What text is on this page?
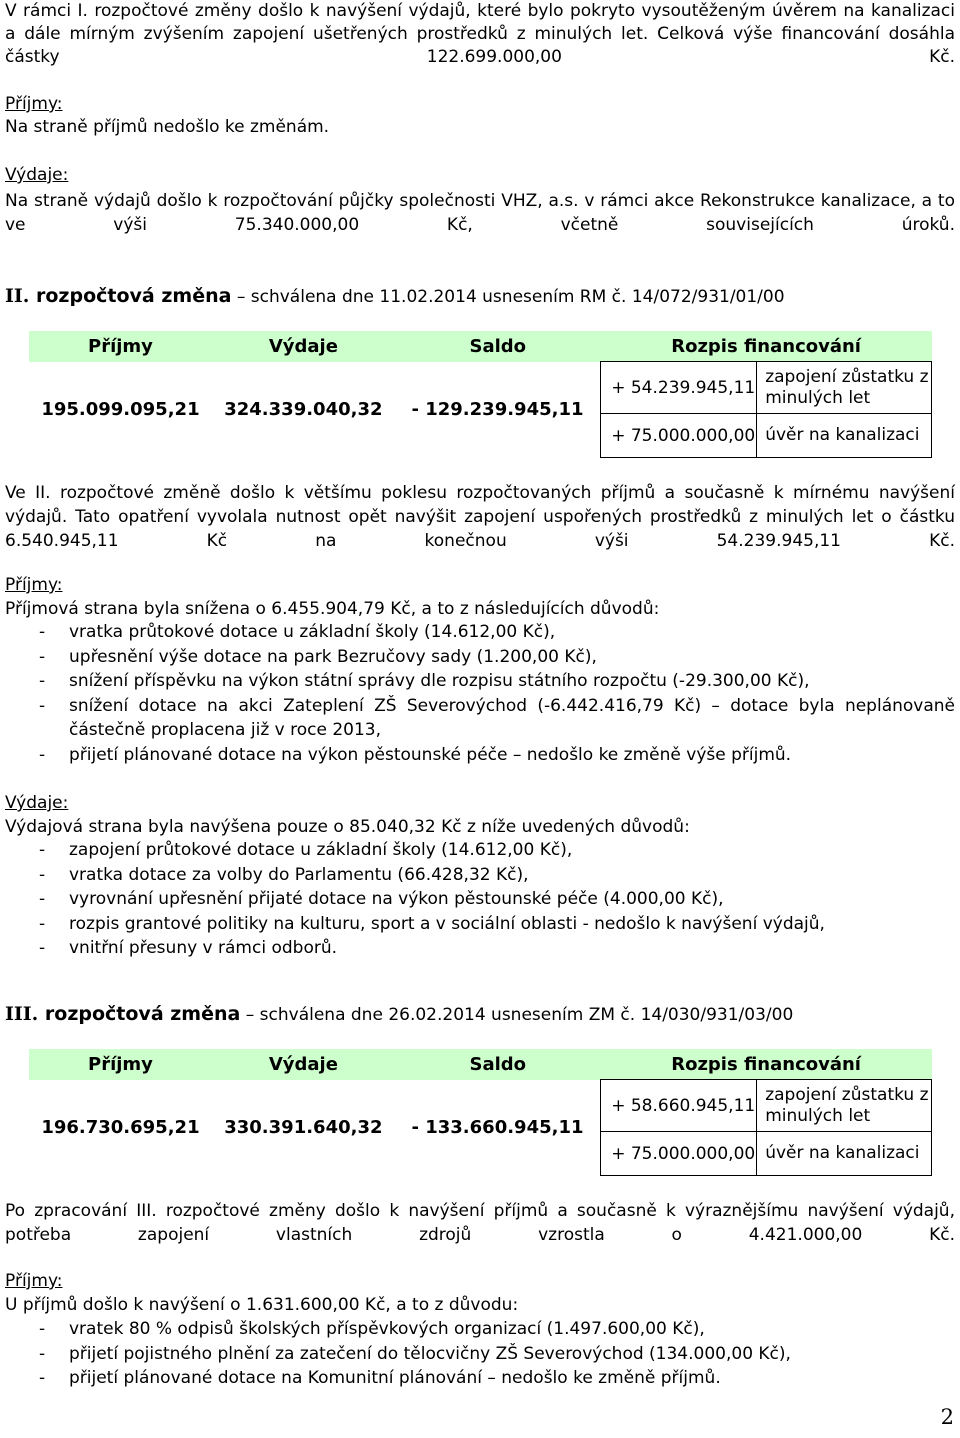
V rámci I. rozpočtové změny došlo k navýšení výdajů, které bylo pokryto vysoutěženým úvěrem na kanalizaci a dále mírným zvýšením zapojení ušetřených prostředků z minulých let. Celková výše financování dosáhla částky 122.699.000,00 Kč.
Příjmy:
Na straně příjmů nedošlo ke změnám.
Výdaje:
Na straně výdajů došlo k rozpočtování půjčky společnosti VHZ, a.s. v rámci akce Rekonstrukce kanalizace, a to ve výši 75.340.000,00 Kč, včetně souvisejících úroků.
II. rozpočtová změna – schválena dne 11.02.2014 usnesením RM č. 14/072/931/01/00
Příjmy	Výdaje	Saldo	Rozpis financování	
195.099.095,21	324.339.040,32	- 129.239.945,11	+ 54.239.945,11	zapojení zůstatku z minulých let
			+ 75.000.000,00	úvěr na kanalizaci
Ve II. rozpočtové změně došlo k většímu poklesu rozpočtovaných příjmů a současně k mírnému navýšení výdajů. Tato opatření vyvolala nutnost opět navýšit zapojení uspořených prostředků z minulých let o částku 6.540.945,11 Kč na konečnou výši 54.239.945,11 Kč.
Příjmy:
Příjmová strana byla snížena o 6.455.904,79 Kč, a to z následujících důvodů:
- vratka průtokové dotace u základní školy (14.612,00 Kč),
- upřesnění výše dotace na park Bezručovy sady (1.200,00 Kč),
- snížení příspěvku na výkon státní správy dle rozpisu státního rozpočtu (-29.300,00 Kč),
- snížení dotace na akci Zateplení ZŠ Severovýchod (-6.442.416,79 Kč) – dotace byla neplánovaně
částečně proplacena již v roce 2013,
- přijetí plánované dotace na výkon pěstounské péče – nedošlo ke změně výše příjmů.
Výdaje:
Výdajová strana byla navýšena pouze o 85.040,32 Kč z níže uvedených důvodů:
- zapojení průtokové dotace u základní školy (14.612,00 Kč),
- vratka dotace za volby do Parlamentu (66.428,32 Kč),
- vyrovnání upřesnění přijaté dotace na výkon pěstounské péče (4.000,00 Kč),
- rozpis grantové politiky na kulturu, sport a v sociální oblasti - nedošlo k navýšení výdajů,
- vnitřní přesuny v rámci odborů.
III. rozpočtová změna – schválena dne 26.02.2014 usnesením ZM č. 14/030/931/03/00
Příjmy	Výdaje	Saldo	Rozpis financování	
196.730.695,21	330.391.640,32	- 133.660.945,11	+ 58.660.945,11	zapojení zůstatku z minulých let
			+ 75.000.000,00	úvěr na kanalizaci
Po zpracování III. rozpočtové změny došlo k navýšení příjmů a současně k výraznějšímu navýšení výdajů, potřeba zapojení vlastních zdrojů vzrostla o 4.421.000,00 Kč.
Příjmy:
U příjmů došlo k navýšení o 1.631.600,00 Kč, a to z důvodu:
- vratek 80 % odpisů školských příspěvkových organizací (1.497.600,00 Kč),
- přijetí pojistného plnění za zatečení do tělocvičny ZŠ Severovýchod (134.000,00 Kč),
- přijetí plánované dotace na Komunitní plánování – nedošlo ke změně příjmů.
2
